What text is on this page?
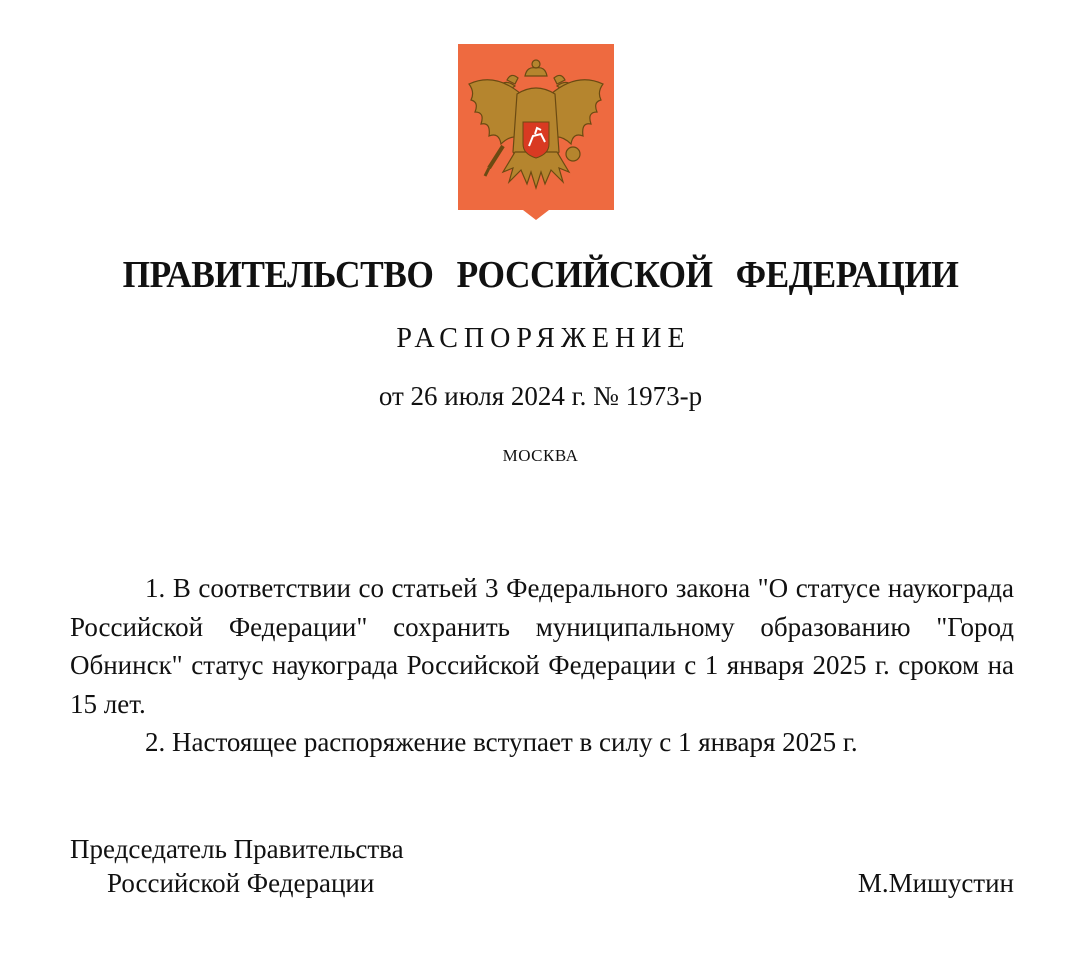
ПРАВИТЕЛЬСТВО РОССИЙСКОЙ ФЕДЕРАЦИИ
РАСПОРЯЖЕНИЕ
от 26 июля 2024 г. № 1973-р
МОСКВА

1. В соответствии со статьей 3 Федерального закона "О статусе наукограда Российской Федерации" сохранить муниципальному образованию "Город Обнинск" статус наукограда Российской Федерации с 1 января 2025 г. сроком на 15 лет.

2. Настоящее распоряжение вступает в силу с 1 января 2025 г.

Председатель Правительства
Российской Федерации	М.Мишустин
